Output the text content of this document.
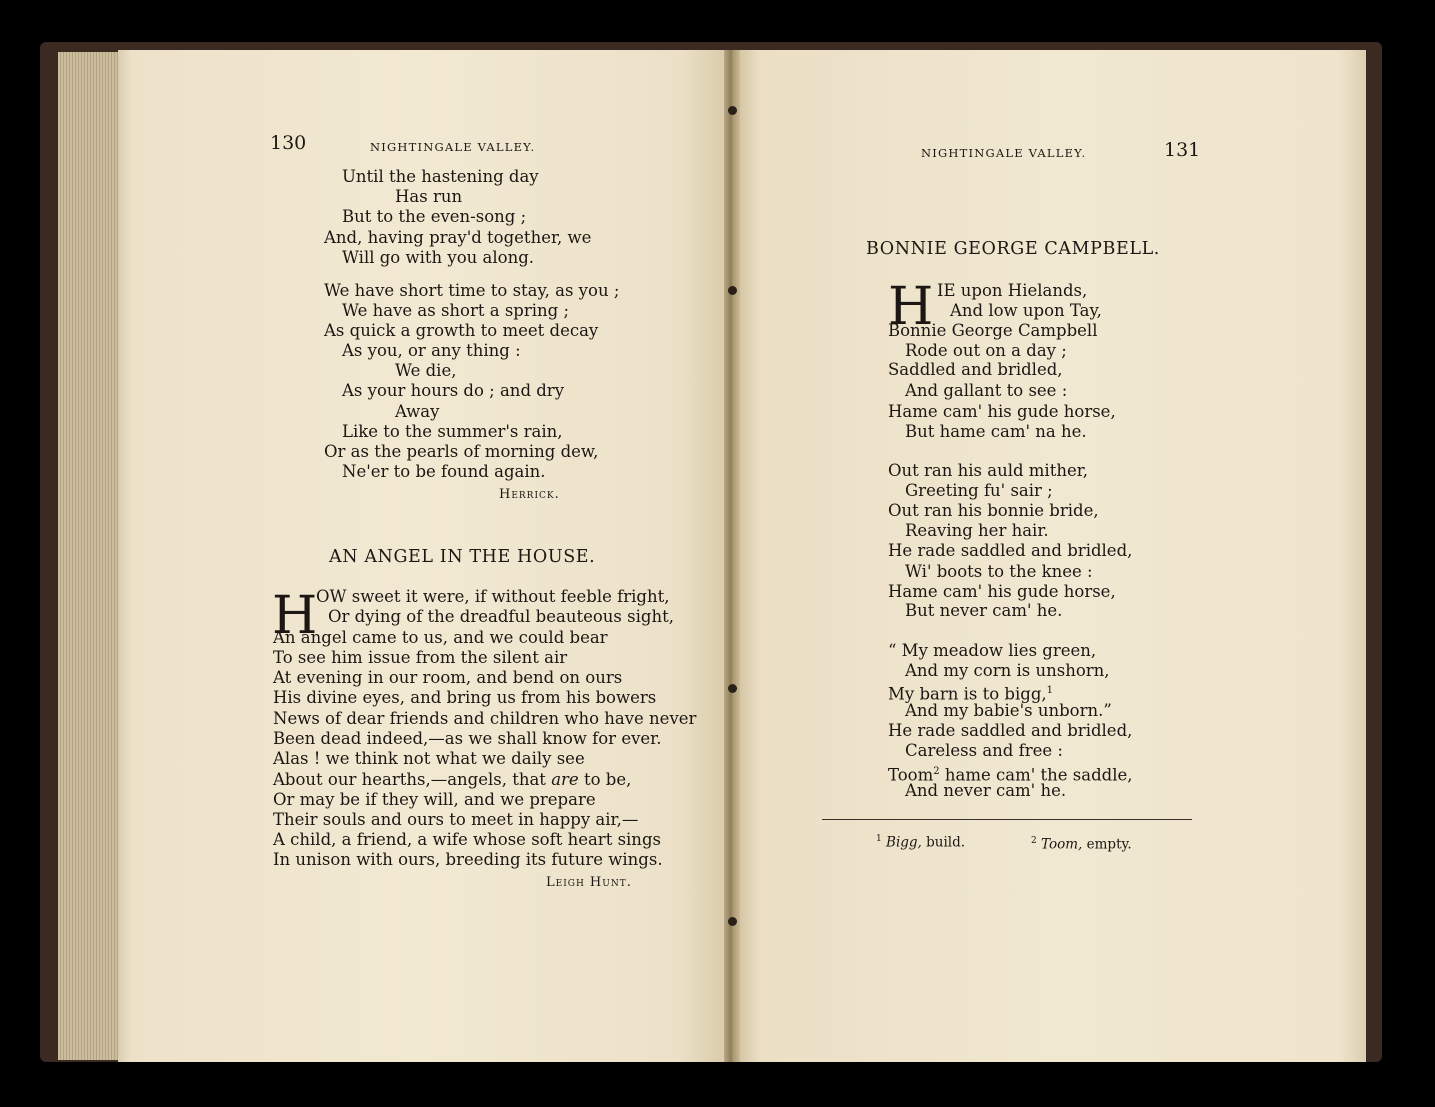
130	NIGHTINGALE VALLEY.
Until the hastening day
Has run
But to the even-song ;
And, having pray'd together, we
Will go with you along.
We have short time to stay, as you ;
We have as short a spring ;
As quick a growth to meet decay
As you, or any thing :
We die,
As your hours do ; and dry
Away
Like to the summer's rain,
Or as the pearls of morning dew,
Ne'er to be found again.
Herrick.
AN ANGEL IN THE HOUSE.
H
OW sweet it were, if without feeble fright,
Or dying of the dreadful beauteous sight,
An angel came to us, and we could bear
To see him issue from the silent air
At evening in our room, and bend on ours
His divine eyes, and bring us from his bowers
News of dear friends and children who have never
Been dead indeed,—as we shall know for ever.
Alas ! we think not what we daily see
About our hearths,—angels, that are to be,
Or may be if they will, and we prepare
Their souls and ours to meet in happy air,—
A child, a friend, a wife whose soft heart sings
In unison with ours, breeding its future wings.
Leigh Hunt.
NIGHTINGALE VALLEY.	131
BONNIE GEORGE CAMPBELL.
H IE upon Hielands,
And low upon Tay,
Bonnie George Campbell
Rode out on a day ;
Saddled and bridled,
And gallant to see :
Hame cam' his gude horse,
But hame cam' na he.
Out ran his auld mither,
Greeting fu' sair ;
Out ran his bonnie bride,
Reaving her hair.
He rade saddled and bridled,
Wi' boots to the knee :
Hame cam' his gude horse,
But never cam' he.
“ My meadow lies green,
And my corn is unshorn,
My barn is to bigg,$^1$
And my babie's unborn.”
He rade saddled and bridled,
Careless and free :
Toom$^2$ hame cam' the saddle,
And never cam' he.
$^1$ Bigg, build.	$^2$ Toom, empty.
